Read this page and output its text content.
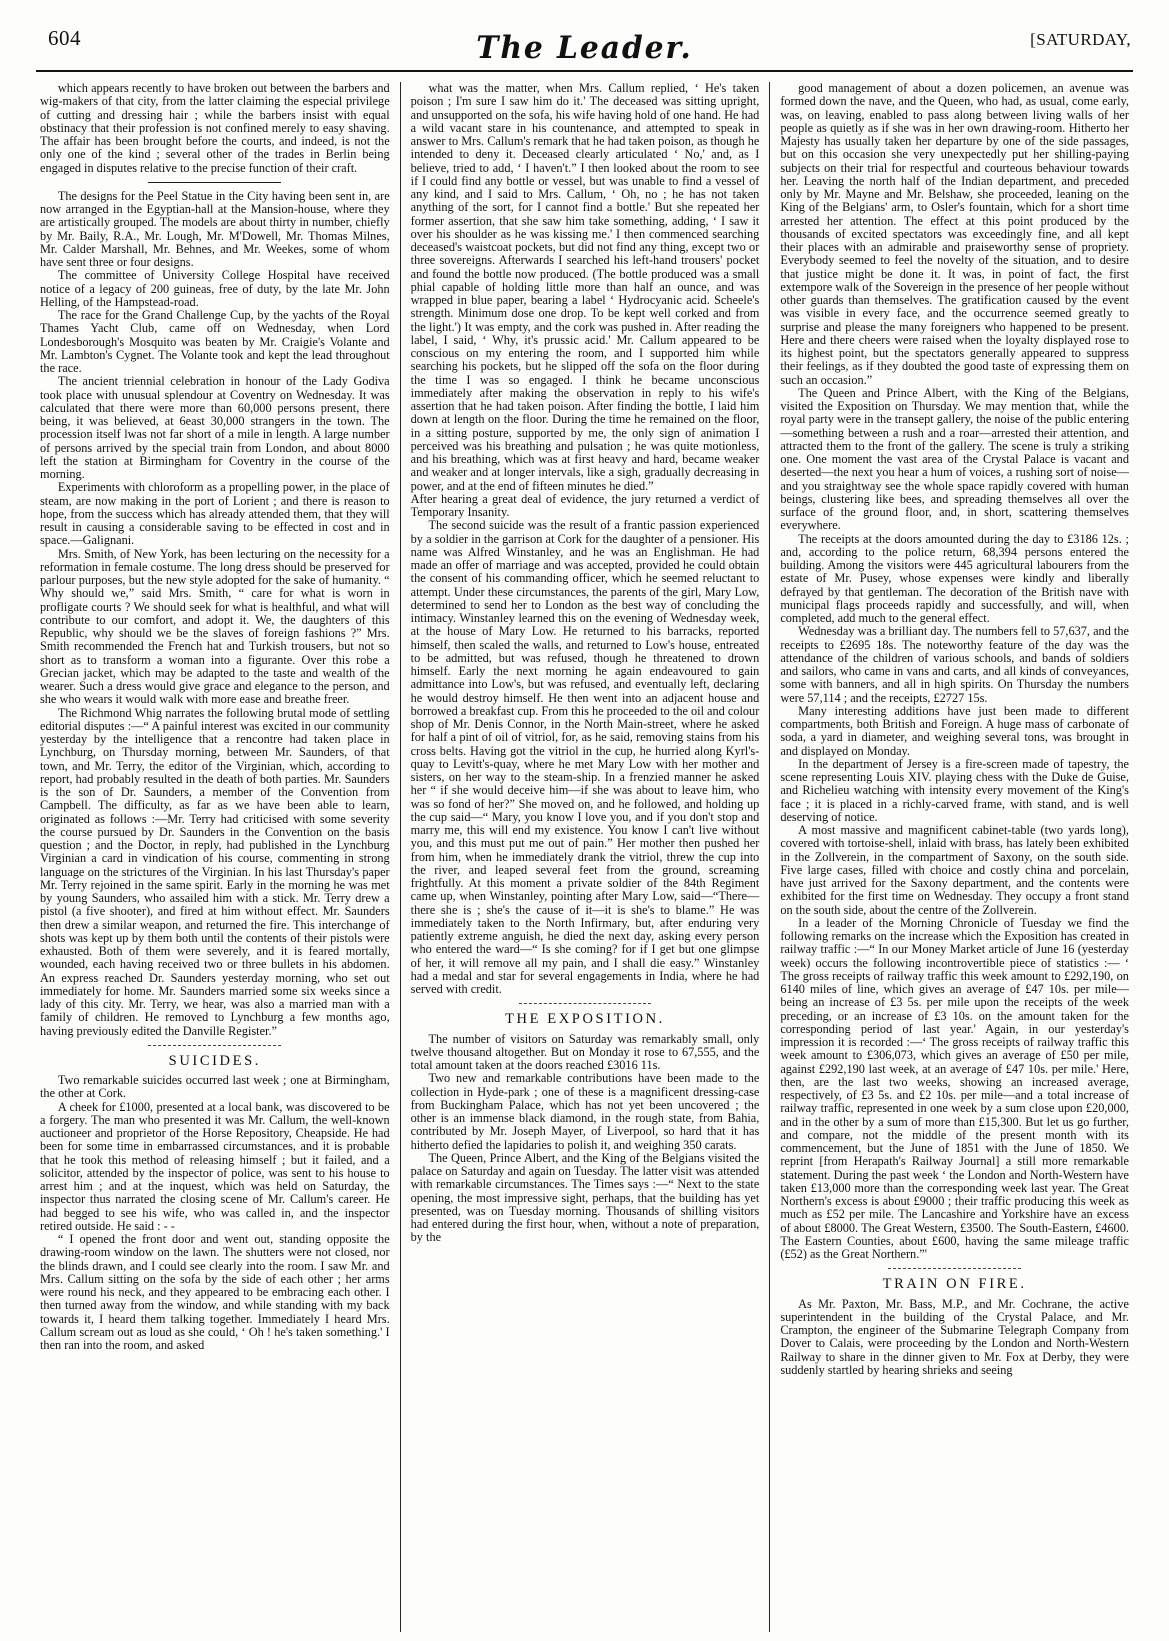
604	The Leader.	[SATURDAY,

which appears recently to have broken out between the barbers and wig-makers of that city, from the latter claiming the especial privilege of cutting and dressing hair ; while the barbers insist with equal obstinacy that their profession is not confined merely to easy shaving. The affair has been brought before the courts, and indeed, is not the only one of the kind ; several other of the trades in Berlin being engaged in disputes relative to the precise function of their craft.

The designs for the Peel Statue in the City having been sent in, are now arranged in the Egyptian-hall at the Mansion-house, where they are artistically grouped. The models are about thirty in number, chiefly by Mr. Baily, R.A., Mr. Lough, Mr. M'Dowell, Mr. Thomas Milnes, Mr. Calder Marshall, Mr. Behnes, and Mr. Weekes, some of whom have sent three or four designs.

The committee of University College Hospital have received notice of a legacy of 200 guineas, free of duty, by the late Mr. John Helling, of the Hampstead-road.

The race for the Grand Challenge Cup, by the yachts of the Royal Thames Yacht Club, came off on Wednesday, when Lord Londesborough's Mosquito was beaten by Mr. Craigie's Volante and Mr. Lambton's Cygnet. The Volante took and kept the lead throughout the race.

The ancient triennial celebration in honour of the Lady Godiva took place with unusual splendour at Coventry on Wednesday. It was calculated that there were more than 60,000 persons present, there being, it was believed, at 6east 30,000 strangers in the town. The procession itself lwas not far short of a mile in length. A large number of persons arrived by the special train from London, and about 8000 left the station at Birmingham for Coventry in the course of the morning.

Experiments with chloroform as a propelling power, in the place of steam, are now making in the port of Lorient ; and there is reason to hope, from the success which has already attended them, that they will result in causing a considerable saving to be effected in cost and in space.—Galignani.

Mrs. Smith, of New York, has been lecturing on the necessity for a reformation in female costume. The long dress should be preserved for parlour purposes, but the new style adopted for the sake of humanity. “ Why should we,” said Mrs. Smith, “ care for what is worn in profligate courts ? We should seek for what is healthful, and what will contribute to our comfort, and adopt it. We, the daughters of this Republic, why should we be the slaves of foreign fashions ?” Mrs. Smith recommended the French hat and Turkish trousers, but not so short as to transform a woman into a figurante. Over this robe a Grecian jacket, which may be adapted to the taste and wealth of the wearer. Such a dress would give grace and elegance to the person, and she who wears it would walk with more ease and breathe freer.

The Richmond Whig narrates the following brutal mode of settling editorial disputes :—“ A painful interest was excited in our community yesterday by the intelligence that a rencontre had taken place in Lynchburg, on Thursday morning, between Mr. Saunders, of that town, and Mr. Terry, the editor of the Virginian, which, according to report, had probably resulted in the death of both parties. Mr. Saunders is the son of Dr. Saunders, a member of the Convention from Campbell. The difficulty, as far as we have been able to learn, originated as follows :—Mr. Terry had criticised with some severity the course pursued by Dr. Saunders in the Convention on the basis question ; and the Doctor, in reply, had published in the Lynchburg Virginian a card in vindication of his course, commenting in strong language on the strictures of the Virginian. In his last Thursday's paper Mr. Terry rejoined in the same spirit. Early in the morning he was met by young Saunders, who assailed him with a stick. Mr. Terry drew a pistol (a five shooter), and fired at him without effect. Mr. Saunders then drew a similar weapon, and returned the fire. This interchange of shots was kept up by them both until the contents of their pistols were exhausted. Both of them were severely, and it is feared mortally, wounded, each having received two or three bullets in his abdomen. An express reached Dr. Saunders yesterday morning, who set out immediately for home. Mr. Saunders married some six weeks since a lady of this city. Mr. Terry, we hear, was also a married man with a family of children. He removed to Lynchburg a few months ago, having previously edited the Danville Register.”

SUICIDES.

Two remarkable suicides occurred last week ; one at Birmingham, the other at Cork.

A cheek for £1000, presented at a local bank, was discovered to be a forgery. The man who presented it was Mr. Callum, the well-known auctioneer and proprietor of the Horse Repository, Cheapside. He had been for some time in embarrassed circumstances, and it is probable that he took this method of releasing himself ; but it failed, and a solicitor, attended by the inspector of police, was sent to his house to arrest him ; and at the inquest, which was held on Saturday, the inspector thus narrated the closing scene of Mr. Callum's career. He had begged to see his wife, who was called in, and the inspector retired outside. He said : - -

“ I opened the front door and went out, standing opposite the drawing-room window on the lawn. The shutters were not closed, nor the blinds drawn, and I could see clearly into the room. I saw Mr. and Mrs. Callum sitting on the sofa by the side of each other ; her arms were round his neck, and they appeared to be embracing each other. I then turned away from the window, and while standing with my back towards it, I heard them talking together. Immediately I heard Mrs. Callum scream out as loud as she could, ‘ Oh ! he's taken something.' I then ran into the room, and asked

what was the matter, when Mrs. Callum replied, ‘ He's taken poison ; I'm sure I saw him do it.' The deceased was sitting upright, and unsupported on the sofa, his wife having hold of one hand. He had a wild vacant stare in his countenance, and attempted to speak in answer to Mrs. Callum's remark that he had taken poison, as though he intended to deny it. Deceased clearly articulated ‘ No,' and, as I believe, tried to add, ‘ I haven't.” I then looked about the room to see if I could find any bottle or vessel, but was unable to find a vessel of any kind, and I said to Mrs. Callum, ‘ Oh, no ; he has not taken anything of the sort, for I cannot find a bottle.' But she repeated her former assertion, that she saw him take something, adding, ‘ I saw it over his shoulder as he was kissing me.' I then commenced searching deceased's waistcoat pockets, but did not find any thing, except two or three sovereigns. Afterwards I searched his left-hand trousers' pocket and found the bottle now produced. (The bottle produced was a small phial capable of holding little more than half an ounce, and was wrapped in blue paper, bearing a label ‘ Hydrocyanic acid. Scheele's strength. Minimum dose one drop. To be kept well corked and from the light.') It was empty, and the cork was pushed in. After reading the label, I said, ‘ Why, it's prussic acid.' Mr. Callum appeared to be conscious on my entering the room, and I supported him while searching his pockets, but he slipped off the sofa on the floor during the time I was so engaged. I think he became unconscious immediately after making the observation in reply to his wife's assertion that he had taken poison. After finding the bottle, I laid him down at length on the floor. During the time he remained on the floor, in a sitting posture, supported by me, the only sign of animation I perceived was his breathing and pulsation ; he was quite motionless, and his breathing, which was at first heavy and hard, became weaker and weaker and at longer intervals, like a sigh, gradually decreasing in power, and at the end of fifteen minutes he died.”

After hearing a great deal of evidence, the jury returned a verdict of Temporary Insanity.

The second suicide was the result of a frantic passion experienced by a soldier in the garrison at Cork for the daughter of a pensioner. His name was Alfred Winstanley, and he was an Englishman. He had made an offer of marriage and was accepted, provided he could obtain the consent of his commanding officer, which he seemed reluctant to attempt. Under these circumstances, the parents of the girl, Mary Low, determined to send her to London as the best way of concluding the intimacy. Winstanley learned this on the evening of Wednesday week, at the house of Mary Low. He returned to his barracks, reported himself, then scaled the walls, and returned to Low's house, entreated to be admitted, but was refused, though he threatened to drown himself. Early the next morning he again endeavoured to gain admittance into Low's, but was refused, and eventually left, declaring he would destroy himself. He then went into an adjacent house and borrowed a breakfast cup. From this he proceeded to the oil and colour shop of Mr. Denis Connor, in the North Main-street, where he asked for half a pint of oil of vitriol, for, as he said, removing stains from his cross belts. Having got the vitriol in the cup, he hurried along Kyrl's-quay to Levitt's-quay, where he met Mary Low with her mother and sisters, on her way to the steam-ship. In a frenzied manner he asked her “ if she would deceive him—if she was about to leave him, who was so fond of her?” She moved on, and he followed, and holding up the cup said—“ Mary, you know I love you, and if you don't stop and marry me, this will end my existence. You know I can't live without you, and this must put me out of pain.” Her mother then pushed her from him, when he immediately drank the vitriol, threw the cup into the river, and leaped several feet from the ground, screaming frightfully. At this moment a private soldier of the 84th Regiment came up, when Winstanley, pointing after Mary Low, said—“There—there she is ; she's the cause of it—it is she's to blame.” He was immediately taken to the North Infirmary, but, after enduring very patiently extreme anguish, he died the next day, asking every person who entered the ward—“ Is she coming? for if I get but one glimpse of her, it will remove all my pain, and I shall die easy.” Winstanley had a medal and star for several engagements in India, where he had served with credit.

THE EXPOSITION.

The number of visitors on Saturday was remarkably small, only twelve thousand altogether. But on Monday it rose to 67,555, and the total amount taken at the doors reached £3016 11s.

Two new and remarkable contributions have been made to the collection in Hyde-park ; one of these is a magnificent dressing-case from Buckingham Palace, which has not yet been uncovered ; the other is an immense black diamond, in the rough state, from Bahia, contributed by Mr. Joseph Mayer, of Liverpool, so hard that it has hitherto defied the lapidaries to polish it, and weighing 350 carats.

The Queen, Prince Albert, and the King of the Belgians visited the palace on Saturday and again on Tuesday. The latter visit was attended with remarkable circumstances. The Times says :—“ Next to the state opening, the most impressive sight, perhaps, that the building has yet presented, was on Tuesday morning. Thousands of shilling visitors had entered during the first hour, when, without a note of preparation, by the

good management of about a dozen policemen, an avenue was formed down the nave, and the Queen, who had, as usual, come early, was, on leaving, enabled to pass along between living walls of her people as quietly as if she was in her own drawing-room. Hitherto her Majesty has usually taken her departure by one of the side passages, but on this occasion she very unexpectedly put her shilling-paying subjects on their trial for respectful and courteous behaviour towards her. Leaving the north half of the Indian department, and preceded only by Mr. Mayne and Mr. Belshaw, she proceeded, leaning on the King of the Belgians' arm, to Osler's fountain, which for a short time arrested her attention. The effect at this point produced by the thousands of excited spectators was exceedingly fine, and all kept their places with an admirable and praiseworthy sense of propriety. Everybody seemed to feel the novelty of the situation, and to desire that justice might be done it. It was, in point of fact, the first extempore walk of the Sovereign in the presence of her people without other guards than themselves. The gratification caused by the event was visible in every face, and the occurrence seemed greatly to surprise and please the many foreigners who happened to be present. Here and there cheers were raised when the loyalty displayed rose to its highest point, but the spectators generally appeared to suppress their feelings, as if they doubted the good taste of expressing them on such an occasion.”

The Queen and Prince Albert, with the King of the Belgians, visited the Exposition on Thursday. We may mention that, while the royal party were in the transept gallery, the noise of the public entering—something between a rush and a roar—arrested their attention, and attracted them to the front of the gallery. The scene is truly a striking one. One moment the vast area of the Crystal Palace is vacant and deserted—the next you hear a hum of voices, a rushing sort of noise—and you straightway see the whole space rapidly covered with human beings, clustering like bees, and spreading themselves all over the surface of the ground floor, and, in short, scattering themselves everywhere.

The receipts at the doors amounted during the day to £3186 12s. ; and, according to the police return, 68,394 persons entered the building. Among the visitors were 445 agricultural labourers from the estate of Mr. Pusey, whose expenses were kindly and liberally defrayed by that gentleman. The decoration of the British nave with municipal flags proceeds rapidly and successfully, and will, when completed, add much to the general effect.

Wednesday was a brilliant day. The numbers fell to 57,637, and the receipts to £2695 18s. The noteworthy feature of the day was the attendance of the children of various schools, and bands of soldiers and sailors, who came in vans and carts, and all kinds of conveyances, some with banners, and all in high spirits. On Thursday the numbers were 57,114 ; and the receipts, £2727 15s.

Many interesting additions have just been made to different compartments, both British and Foreign. A huge mass of carbonate of soda, a yard in diameter, and weighing several tons, was brought in and displayed on Monday.

In the department of Jersey is a fire-screen made of tapestry, the scene representing Louis XIV. playing chess with the Duke de Guise, and Richelieu watching with intensity every movement of the King's face ; it is placed in a richly-carved frame, with stand, and is well deserving of notice.

A most massive and magnificent cabinet-table (two yards long), covered with tortoise-shell, inlaid with brass, has lately been exhibited in the Zollverein, in the compartment of Saxony, on the south side. Five large cases, filled with choice and costly china and porcelain, have just arrived for the Saxony department, and the contents were exhibited for the first time on Wednesday. They occupy a front stand on the south side, about the centre of the Zollverein.

In a leader of the Morning Chronicle of Tuesday we find the following remarks on the increase which the Exposition has created in railway traffic :—“ In our Money Market article of June 16 (yesterday week) occurs the following incontrovertible piece of statistics :— ‘ The gross receipts of railway traffic this week amount to £292,190, on 6140 miles of line, which gives an average of £47 10s. per mile—being an increase of £3 5s. per mile upon the receipts of the week preceding, or an increase of £3 10s. on the amount taken for the corresponding period of last year.' Again, in our yesterday's impression it is recorded :—‘ The gross receipts of railway traffic this week amount to £306,073, which gives an average of £50 per mile, against £292,190 last week, at an average of £47 10s. per mile.' Here, then, are the last two weeks, showing an increased average, respectively, of £3 5s. and £2 10s. per mile—and a total increase of railway traffic, represented in one week by a sum close upon £20,000, and in the other by a sum of more than £15,300. But let us go further, and compare, not the middle of the present month with its commencement, but the June of 1851 with the June of 1850. We reprint [from Herapath's Railway Journal] a still more remarkable statement. During the past week ‘ the London and North-Western have taken £13,000 more than the corresponding week last year. The Great Northern's excess is about £9000 ; their traffic producing this week as much as £52 per mile. The Lancashire and Yorkshire have an excess of about £8000. The Great Western, £3500. The South-Eastern, £4600. The Eastern Counties, about £600, having the same mileage traffic (£52) as the Great Northern.”'

TRAIN ON FIRE.

As Mr. Paxton, Mr. Bass, M.P., and Mr. Cochrane, the active superintendent in the building of the Crystal Palace, and Mr. Crampton, the engineer of the Submarine Telegraph Company from Dover to Calais, were proceeding by the London and North-Western Railway to share in the dinner given to Mr. Fox at Derby, they were suddenly startled by hearing shrieks and seeing
